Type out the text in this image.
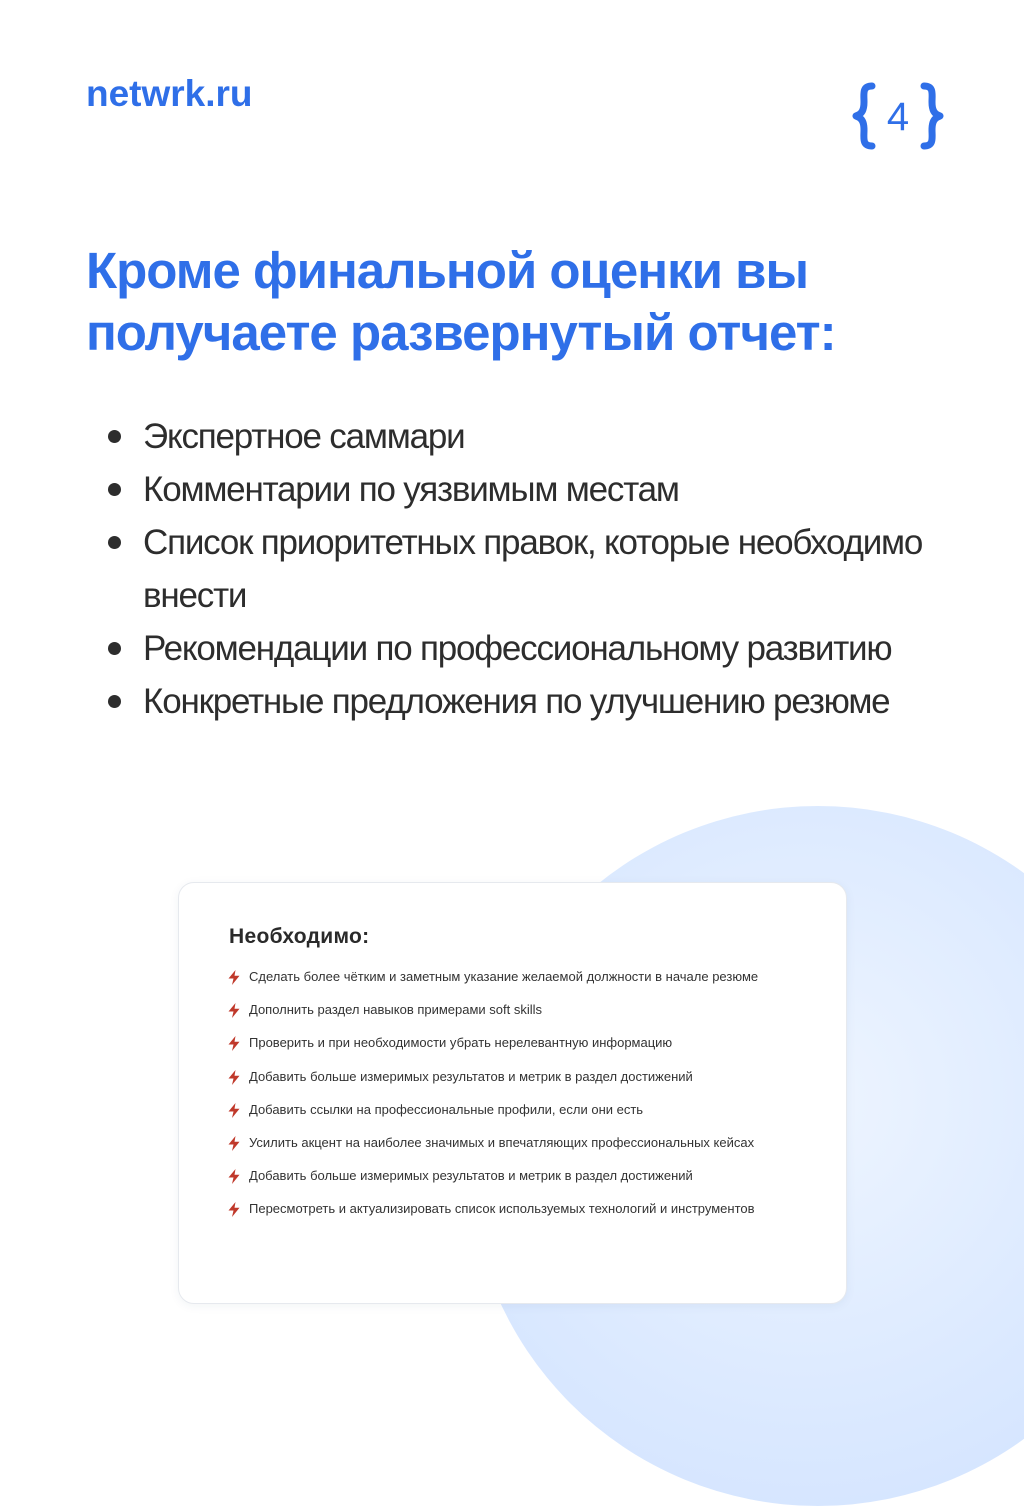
netwrk.ru
4
Кроме финальной оценки вы получаете развернутый отчет:
Экспертное саммари
Комментарии по уязвимым местам
Список приоритетных правок, которые необходимо внести
Рекомендации по профессиональному развитию
Конкретные предложения по улучшению резюме
Необходимо:
Сделать более чётким и заметным указание желаемой должности в начале резюме
Дополнить раздел навыков примерами soft skills
Проверить и при необходимости убрать нерелевантную информацию
Добавить больше измеримых результатов и метрик в раздел достижений
Добавить ссылки на профессиональные профили, если они есть
Усилить акцент на наиболее значимых и впечатляющих профессиональных кейсах
Добавить больше измеримых результатов и метрик в раздел достижений
Пересмотреть и актуализировать список используемых технологий и инструментов
